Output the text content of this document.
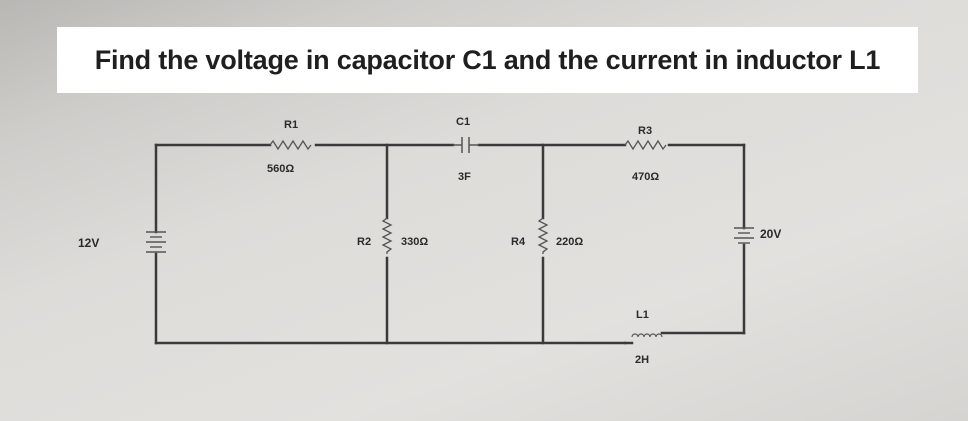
Find the voltage in capacitor C1 and the current in inductor L1
R1
560Ω
C1
3F
R3
470Ω
R2	330Ω	R4	220Ω
L1
2H
12V
20V
